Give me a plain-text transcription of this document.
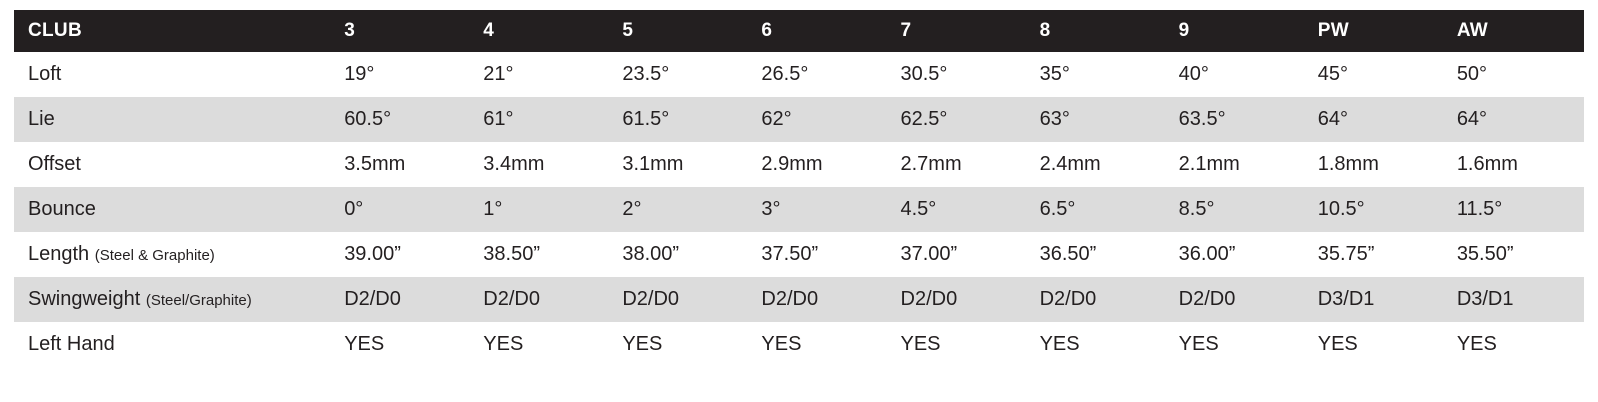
CLUB	3	4	5	6	7	8	9	PW	AW
Loft	19°	21°	23.5°	26.5°	30.5°	35°	40°	45°	50°
Lie	60.5°	61°	61.5°	62°	62.5°	63°	63.5°	64°	64°
Offset	3.5mm	3.4mm	3.1mm	2.9mm	2.7mm	2.4mm	2.1mm	1.8mm	1.6mm
Bounce	0°	1°	2°	3°	4.5°	6.5°	8.5°	10.5°	11.5°
Length (Steel & Graphite)	39.00”	38.50”	38.00”	37.50”	37.00”	36.50”	36.00”	35.75”	35.50”
Swingweight (Steel/Graphite)	D2/D0	D2/D0	D2/D0	D2/D0	D2/D0	D2/D0	D2/D0	D3/D1	D3/D1
Left Hand	YES	YES	YES	YES	YES	YES	YES	YES	YES
